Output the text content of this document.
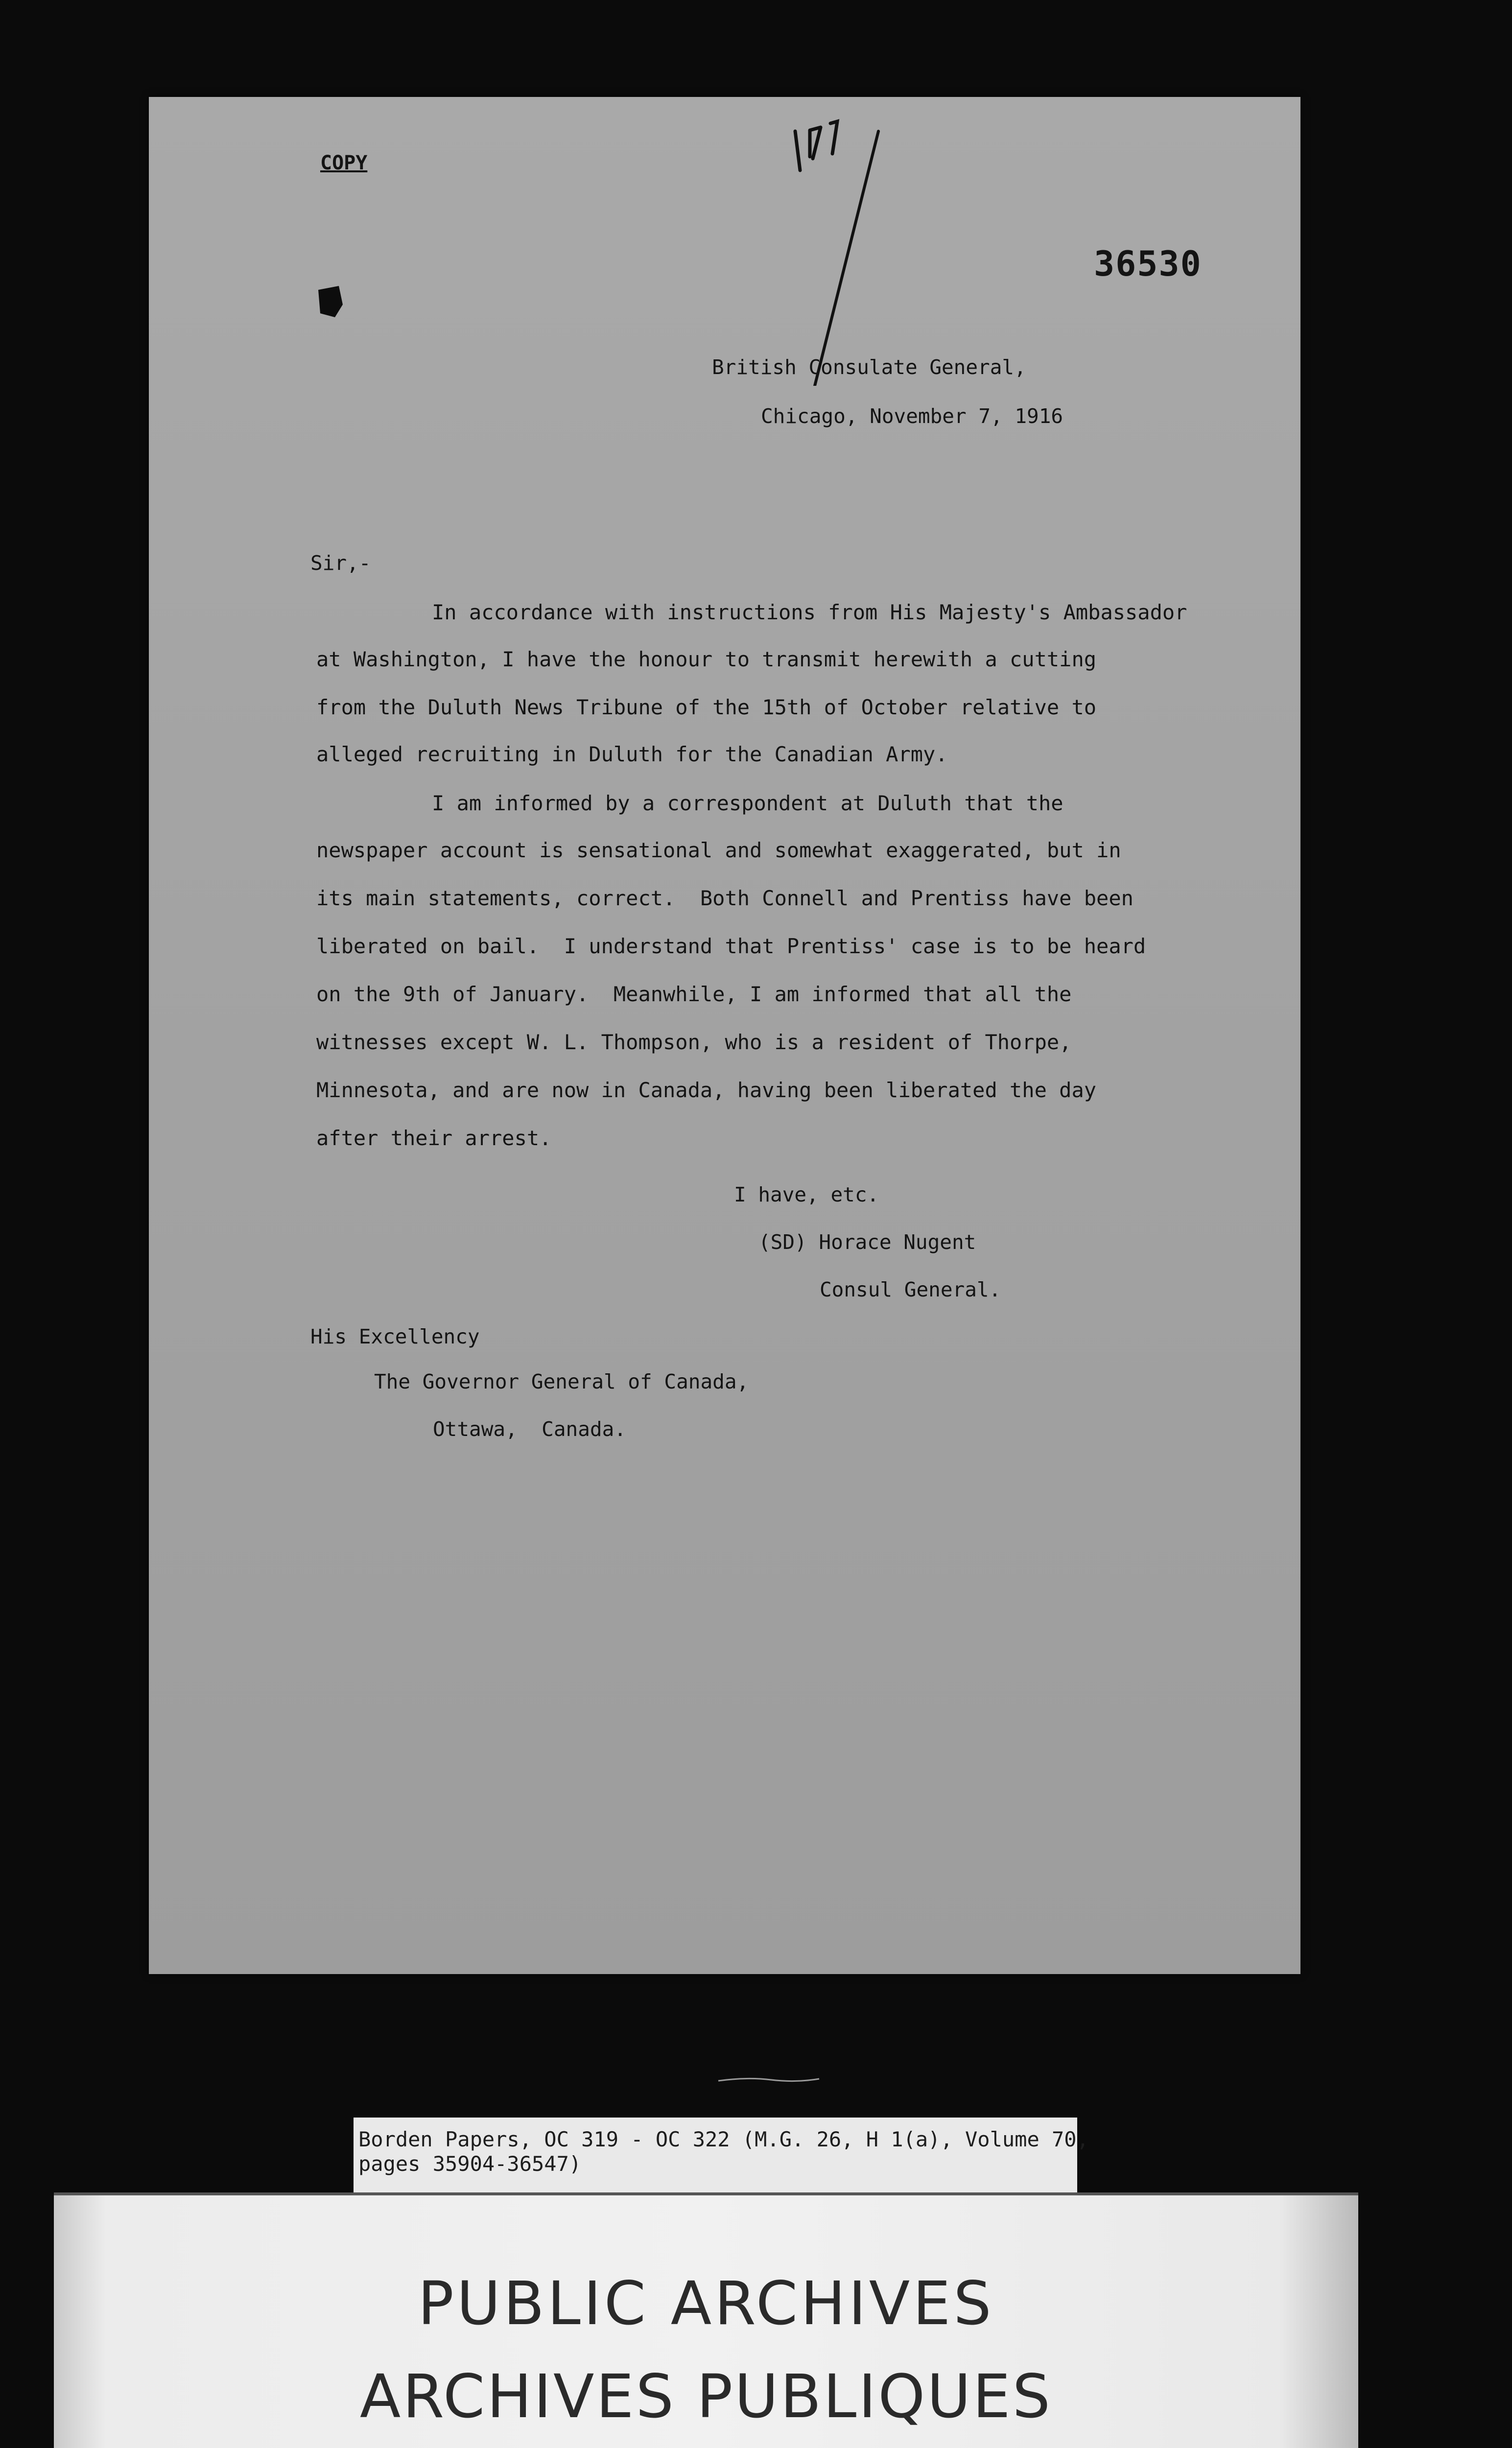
COPY
36530
British Consulate General,
Chicago, November 7, 1916
Sir,-
In accordance with instructions from His Majesty's Ambassador
at Washington, I have the honour to transmit herewith a cutting
from the Duluth News Tribune of the 15th of October relative to
alleged recruiting in Duluth for the Canadian Army.
I am informed by a correspondent at Duluth that the
newspaper account is sensational and somewhat exaggerated, but in
its main statements, correct.  Both Connell and Prentiss have been
liberated on bail.  I understand that Prentiss' case is to be heard
on the 9th of January.  Meanwhile, I am informed that all the
witnesses except W. L. Thompson, who is a resident of Thorpe,
Minnesota, and are now in Canada, having been liberated the day
after their arrest.
I have, etc.
(SD) Horace Nugent
Consul General.
His Excellency
The Governor General of Canada,
Ottawa,  Canada.
Borden Papers, OC 319 - OC 322 (M.G. 26, H 1(a), Volume 70,
pages 35904-36547)
PUBLIC ARCHIVES
ARCHIVES PUBLIQUES
